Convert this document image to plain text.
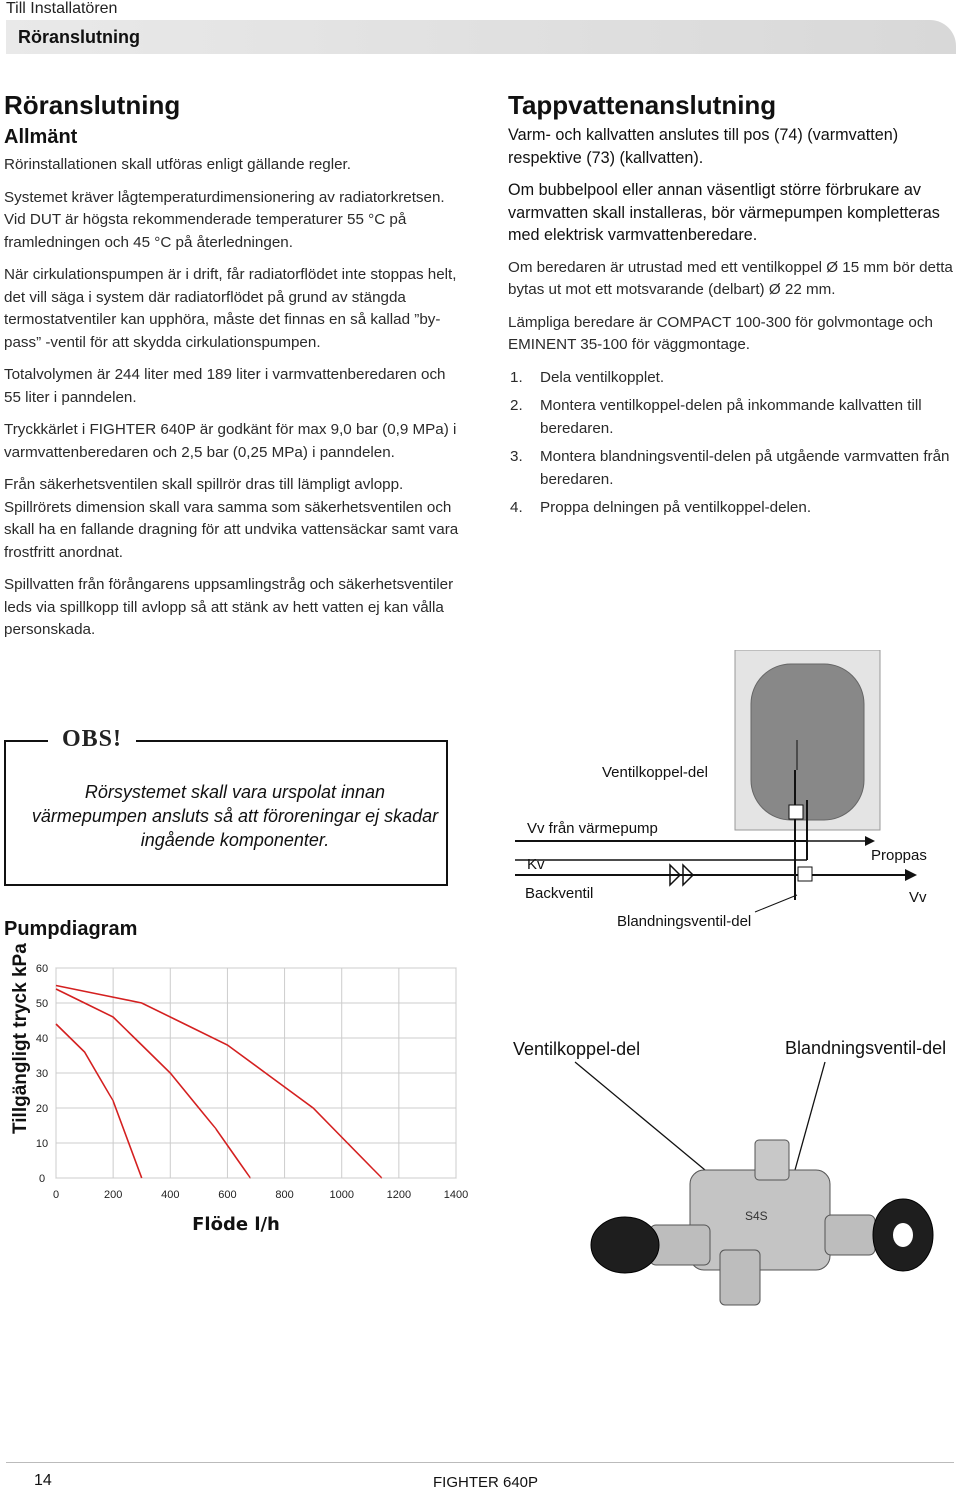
Till Installatören
Röranslutning
Röranslutning
Allmänt

Rörinstallationen skall utföras enligt gällande regler.

Systemet kräver lågtemperaturdimensionering av radiatorkretsen. Vid DUT är högsta rekommenderade temperaturer 55 °C på framledningen och 45 °C på återledningen.

När cirkulationspumpen är i drift, får radiatorflödet inte stoppas helt, det vill säga i system där radiatorflödet på grund av stängda termostatventiler kan upphöra, måste det finnas en så kallad ”by-pass” -ventil för att skydda cirkulationspumpen.

Totalvolymen är 244 liter med 189 liter i varmvattenberedaren och 55 liter i panndelen.

Tryckkärlet i FIGHTER 640P är godkänt för max 9,0 bar (0,9 MPa) i varmvattenberedaren och 2,5 bar (0,25 MPa) i panndelen.

Från säkerhetsventilen skall spillrör dras till lämpligt avlopp. Spillrörets dimension skall vara samma som säkerhetsventilen och skall ha en fallande dragning för att undvika vattensäckar samt vara frostfritt anordnat.

Spillvatten från förångarens uppsamlingstråg och säkerhetsventiler leds via spillkopp till avlopp så att stänk av hett vatten ej kan vålla personskada.

Tappvattenanslutning

Varm- och kallvatten anslutes till pos (74) (varmvatten) respektive (73) (kallvatten).

Om bubbelpool eller annan väsentligt större förbrukare av varmvatten skall installeras, bör värmepumpen kompletteras med elektrisk varmvattenberedare.

Om beredaren är utrustad med ett ventilkoppel Ø 15 mm bör detta bytas ut mot ett motsvarande (delbart) Ø 22 mm.

Lämpliga beredare är COMPACT 100-300 för golvmontage och EMINENT 35-100 för väggmontage.

1. Dela ventilkopplet.
2. Montera ventilkoppel-delen på inkommande kallvatten till beredaren.
3. Montera blandningsventil-delen på utgående varmvatten från beredaren.
4. Proppa delningen på ventilkoppel-delen.
OBS!
Rörsystemet skall vara urspolat innan värmepumpen ansluts så att föroreningar ej skadar ingående komponenter.
Pumpdiagram
0
10
20
30
40
50
60
0	200	400	600	800	1000	1200	1400
Tillgängligt tryck kPa
Flöde l/h
Ventilkoppel-del
Vv från värmepump
Kv
Backventil
Blandningsventil-del
Proppas
Vv
Ventilkoppel-del	Blandningsventil-del
S4S
14	FIGHTER 640P
